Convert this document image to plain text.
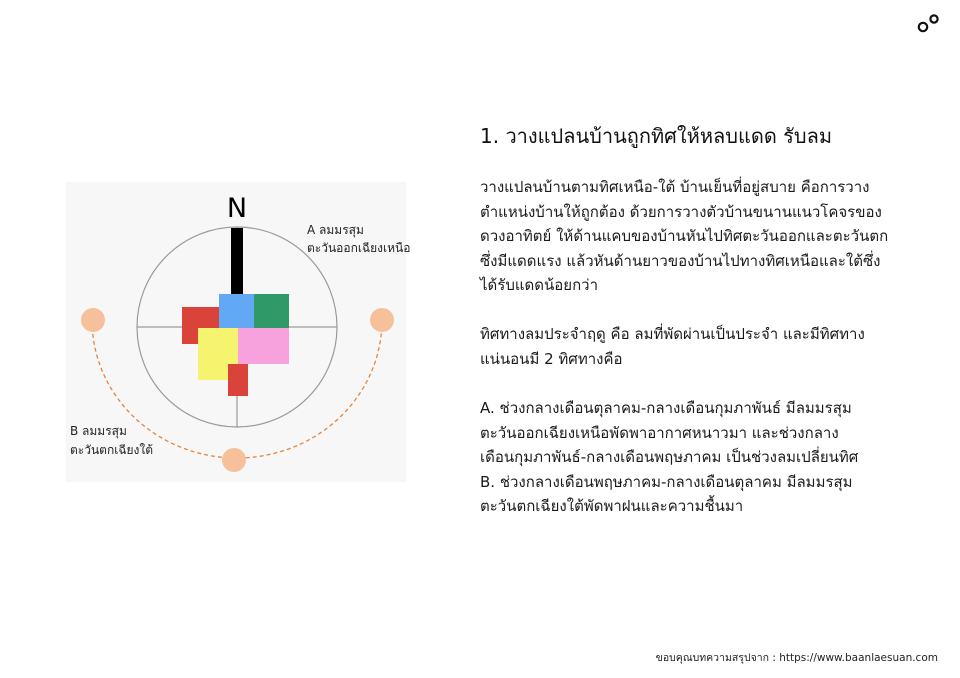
N
A ลมมรสุม
ตะวันออกเฉียงเหนือ
B ลมมรสุม
ตะวันตกเฉียงใต้
1. วางแปลนบ้านถูกทิศให้หลบแดด รับลม

วางแปลนบ้านตามทิศเหนือ-ใต้ บ้านเย็นที่อยู่สบาย คือการวาง
ตำแหน่งบ้านให้ถูกต้อง ด้วยการวางตัวบ้านขนานแนวโคจรของ
ดวงอาทิตย์ ให้ด้านแคบของบ้านหันไปทิศตะวันออกและตะวันตก
ซึ่งมีแดดแรง แล้วหันด้านยาวของบ้านไปทางทิศเหนือและใต้ซึ่ง
ได้รับแดดน้อยกว่า

ทิศทางลมประจำฤดู คือ ลมที่พัดผ่านเป็นประจำ และมีทิศทาง
แน่นอนมี 2 ทิศทางคือ

A. ช่วงกลางเดือนตุลาคม-กลางเดือนกุมภาพันธ์ มีลมมรสุม
ตะวันออกเฉียงเหนือพัดพาอากาศหนาวมา และช่วงกลาง
เดือนกุมภาพันธ์-กลางเดือนพฤษภาคม เป็นช่วงลมเปลี่ยนทิศ
B. ช่วงกลางเดือนพฤษภาคม-กลางเดือนตุลาคม มีลมมรสุม
ตะวันตกเฉียงใต้พัดพาฝนและความชื้นมา

ขอบคุณบทความสรุปจาก : https://www.baanlaesuan.com
